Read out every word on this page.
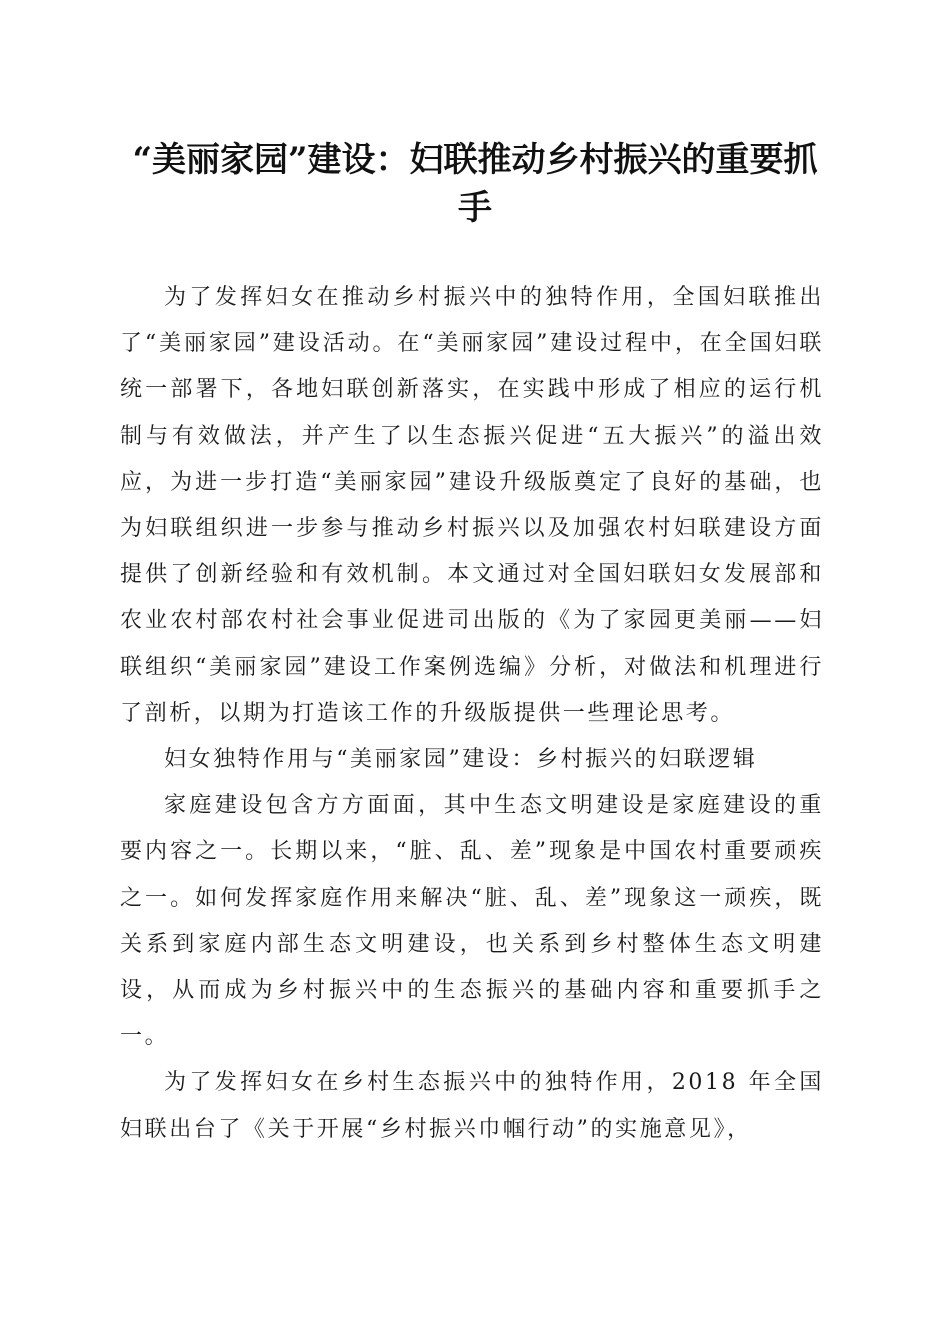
“美丽家园”建设：妇联推动乡村振兴的重要抓手

为了发挥妇女在推动乡村振兴中的独特作用，全国妇联推出了“美丽家园”建设活动。在“美丽家园”建设过程中，在全国妇联统一部署下，各地妇联创新落实，在实践中形成了相应的运行机制与有效做法，并产生了以生态振兴促进“五大振兴”的溢出效应，为进一步打造“美丽家园”建设升级版奠定了良好的基础，也为妇联组织进一步参与推动乡村振兴以及加强农村妇联建设方面提供了创新经验和有效机制。本文通过对全国妇联妇女发展部和农业农村部农村社会事业促进司出版的《为了家园更美丽——妇联组织“美丽家园”建设工作案例选编》分析，对做法和机理进行了剖析，以期为打造该工作的升级版提供一些理论思考。

妇女独特作用与“美丽家园”建设：乡村振兴的妇联逻辑

家庭建设包含方方面面，其中生态文明建设是家庭建设的重要内容之一。长期以来，“脏、乱、差”现象是中国农村重要顽疾之一。如何发挥家庭作用来解决“脏、乱、差”现象这一顽疾，既关系到家庭内部生态文明建设，也关系到乡村整体生态文明建设，从而成为乡村振兴中的生态振兴的基础内容和重要抓手之一。

为了发挥妇女在乡村生态振兴中的独特作用，2018 年全国妇联出台了《关于开展“乡村振兴巾帼行动”的实施意见》，
